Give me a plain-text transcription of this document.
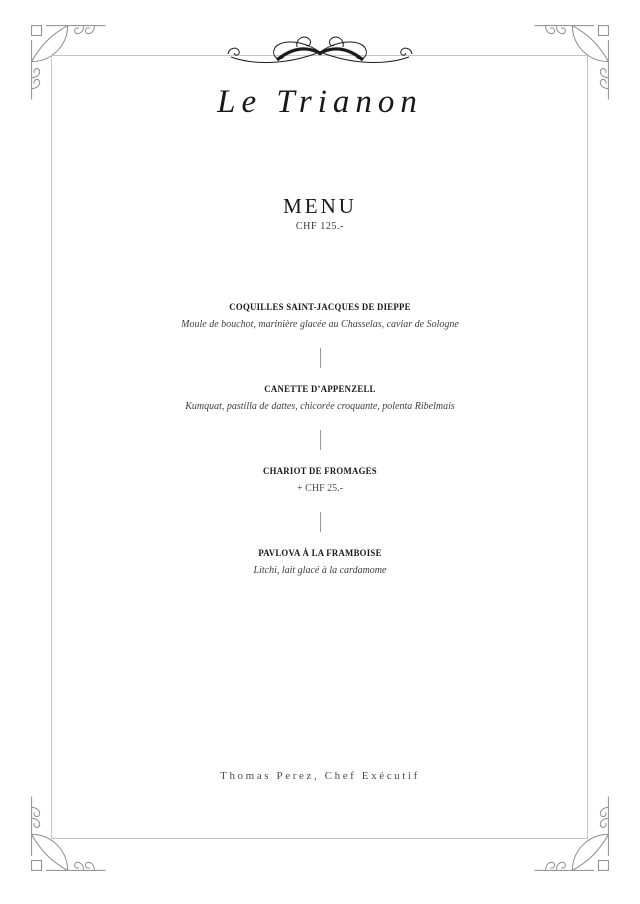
Le Trianon
MENU
CHF 125.-
COQUILLES SAINT-JACQUES DE DIEPPE
Moule de bouchot, marinière glacée au Chasselas, caviar de Sologne
CANETTE D’APPENZELL
Kumquat, pastilla de dattes, chicorée croquante, polenta Ribelmais
CHARIOT DE FROMAGES
+ CHF 25.-
PAVLOVA À LA FRAMBOISE
Litchi, lait glacé à la cardamome
Thomas Perez, Chef Exécutif
